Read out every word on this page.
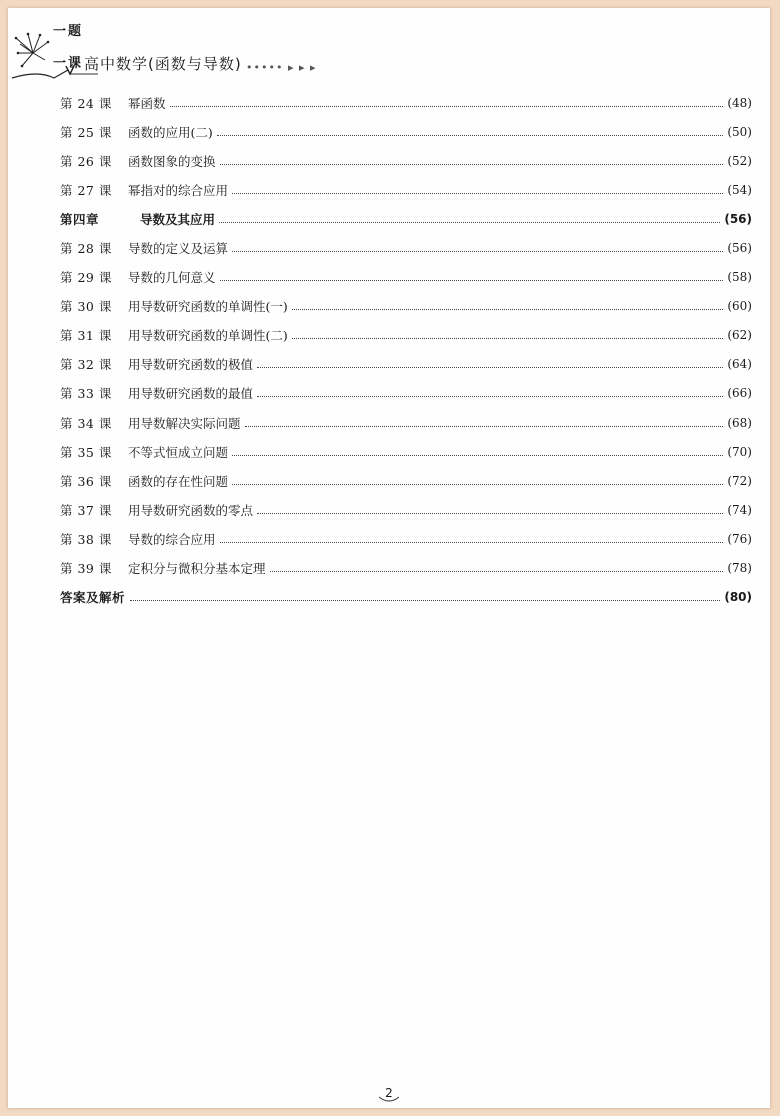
一题
一课 高中数学(函数与导数) ••••• ▸ ▸ ▸
第 24 课	幂函数	(48)
第 25 课	函数的应用(二)	(50)
第 26 课	函数图象的变换	(52)
第 27 课	幂指对的综合应用	(54)
第四章	导数及其应用	(56)
第 28 课	导数的定义及运算	(56)
第 29 课	导数的几何意义	(58)
第 30 课	用导数研究函数的单调性(一)	(60)
第 31 课	用导数研究函数的单调性(二)	(62)
第 32 课	用导数研究函数的极值	(64)
第 33 课	用导数研究函数的最值	(66)
第 34 课	用导数解决实际问题	(68)
第 35 课	不等式恒成立问题	(70)
第 36 课	函数的存在性问题	(72)
第 37 课	用导数研究函数的零点	(74)
第 38 课	导数的综合应用	(76)
第 39 课	定积分与微积分基本定理	(78)
答案及解析	(80)
2
